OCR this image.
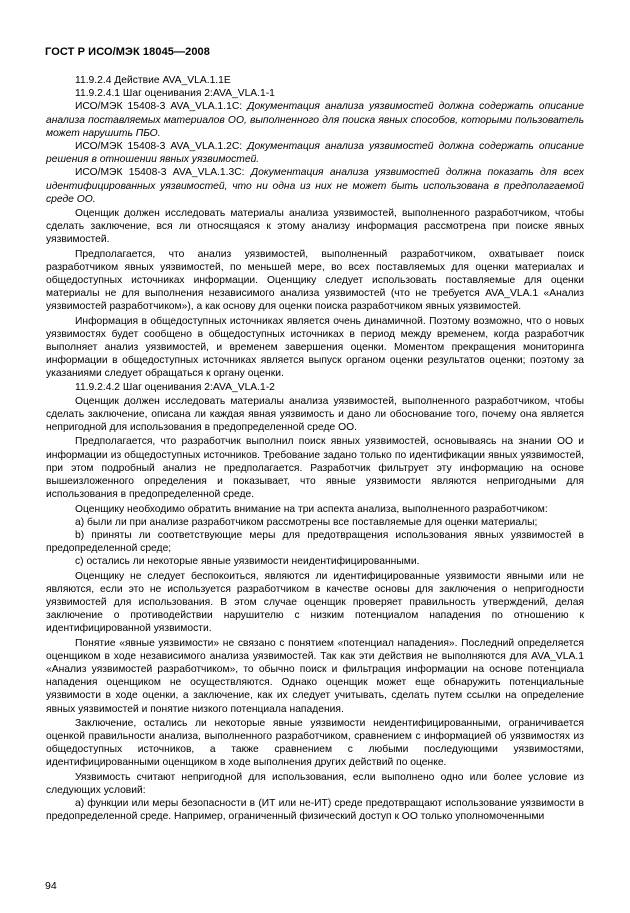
ГОСТ Р ИСО/МЭК 18045—2008

11.9.2.4 Действие AVA_VLA.1.1E

11.9.2.4.1 Шаг оценивания 2:AVA_VLA.1-1

ИСО/МЭК 15408-3 AVA_VLA.1.1С: Документация анализа уязвимостей должна содержать описание анализа поставляемых материалов ОО, выполненного для поиска явных способов, которыми пользователь может нарушить ПБО.

ИСО/МЭК 15408-3 AVA_VLA.1.2С: Документация анализа уязвимостей должна содержать описание решения в отношении явных уязвимостей.

ИСО/МЭК 15408-3 AVA_VLA.1.3С: Документация анализа уязвимостей должна показать для всех идентифицированных уязвимостей, что ни одна из них не может быть использована в предполагаемой среде ОО.

Оценщик должен исследовать материалы анализа уязвимостей, выполненного разработчиком, чтобы сделать заключение, вся ли относящаяся к этому анализу информация рассмотрена при поиске явных уязвимостей.

Предполагается, что анализ уязвимостей, выполненный разработчиком, охватывает поиск разработчиком явных уязвимостей, по меньшей мере, во всех поставляемых для оценки материалах и общедоступных источниках информации. Оценщику следует использовать поставляемые для оценки материалы не для выполнения независимого анализа уязвимостей (что не требуется AVA_VLA.1 «Анализ уязвимостей разработчиком»), а как основу для оценки поиска разработчиком явных уязвимостей.

Информация в общедоступных источниках является очень динамичной. Поэтому возможно, что о новых уязвимостях будет сообщено в общедоступных источниках в период между временем, когда разработчик выполняет анализ уязвимостей, и временем завершения оценки. Моментом прекращения мониторинга информации в общедоступных источниках является выпуск органом оценки результатов оценки; поэтому за указаниями следует обращаться к органу оценки.

11.9.2.4.2 Шаг оценивания 2:AVA_VLA.1-2

Оценщик должен исследовать материалы анализа уязвимостей, выполненного разработчиком, чтобы сделать заключение, описана ли каждая явная уязвимость и дано ли обоснование того, почему она является непригодной для использования в предопределенной среде ОО.

Предполагается, что разработчик выполнил поиск явных уязвимостей, основываясь на знании ОО и информации из общедоступных источников. Требование задано только по идентификации явных уязвимостей, при этом подробный анализ не предполагается. Разработчик фильтрует эту информацию на основе вышеизложенного определения и показывает, что явные уязвимости являются непригодными для использования в предопределенной среде.

Оценщику необходимо обратить внимание на три аспекта анализа, выполненного разработчиком:

а) были ли при анализе разработчиком рассмотрены все поставляемые для оценки материалы;

b) приняты ли соответствующие меры для предотвращения использования явных уязвимостей в предопределенной среде;

с) остались ли некоторые явные уязвимости неидентифицированными.

Оценщику не следует беспокоиться, являются ли идентифицированные уязвимости явными или не являются, если это не используется разработчиком в качестве основы для заключения о непригодности уязвимостей для использования. В этом случае оценщик проверяет правильность утверждений, делая заключение о противодействии нарушителю с низким потенциалом нападения по отношению к идентифицированной уязвимости.

Понятие «явные уязвимости» не связано с понятием «потенциал нападения». Последний определяется оценщиком в ходе независимого анализа уязвимостей. Так как эти действия не выполняются для AVA_VLA.1 «Анализ уязвимостей разработчиком», то обычно поиск и фильтрация информации на основе потенциала нападения оценщиком не осуществляются. Однако оценщик может еще обнаружить потенциальные уязвимости в ходе оценки, а заключение, как их следует учитывать, сделать путем ссылки на определение явных уязвимостей и понятие низкого потенциала нападения.

Заключение, остались ли некоторые явные уязвимости неидентифицированными, ограничивается оценкой правильности анализа, выполненного разработчиком, сравнением с информацией об уязвимостях из общедоступных источников, а также сравнением с любыми последующими уязвимостями, идентифицированными оценщиком в ходе выполнения других действий по оценке.

Уязвимость считают непригодной для использования, если выполнено одно или более условие из следующих условий:

а) функции или меры безопасности в (ИТ или не-ИТ) среде предотвращают использование уязвимости в предопределенной среде. Например, ограниченный физический доступ к ОО только уполномоченными

94
